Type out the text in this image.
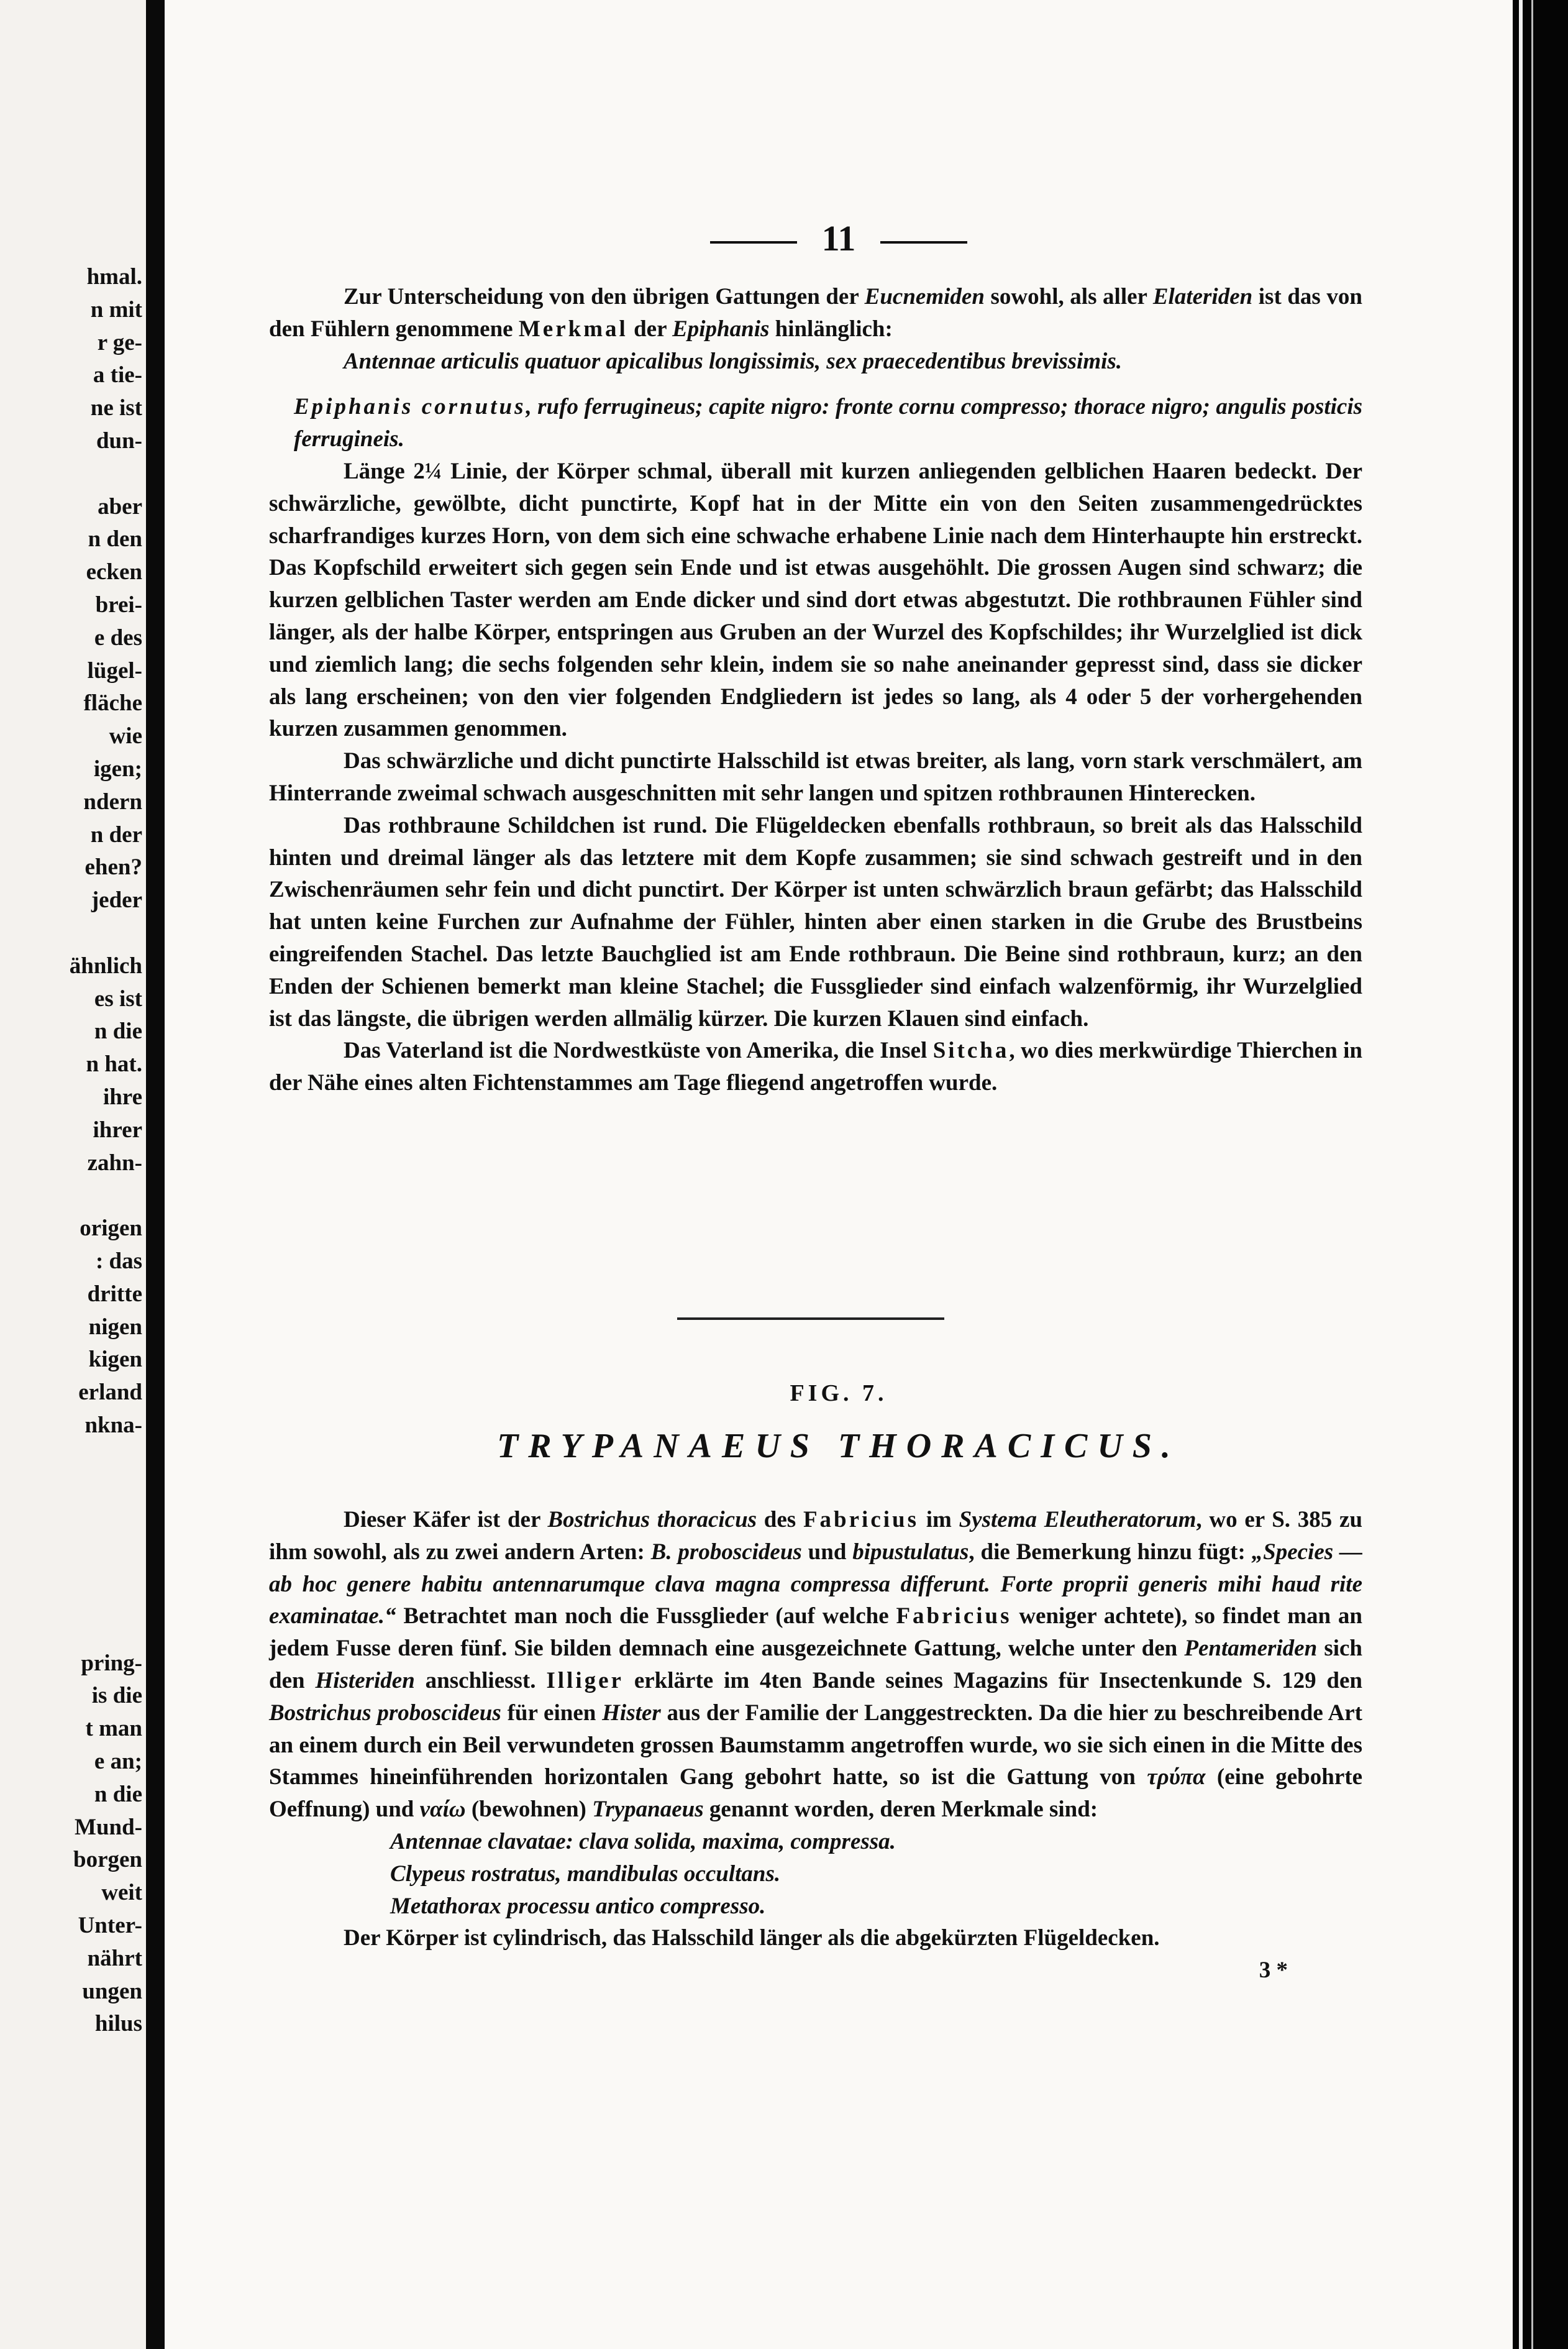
hmal.
n mit
r ge-
a tie-
ne ist
dun-

aber
n den
ecken
brei-
e des
lügel-
fläche
wie
igen;
ndern
n der
ehen?
jeder

ähnlich
es ist
n die
n hat.
ihre
ihrer
zahn-

origen
: das
dritte
nigen
kigen
erland
nkna-
pring-
is die
t man
e an;
n die
Mund-
borgen
weit
Unter-
nährt
ungen
hilus
11

Zur Unterscheidung von den übrigen Gattungen der Eucnemiden sowohl, als aller Elateriden ist das von den Fühlern genommene Merkmal der Epiphanis hinlänglich:

Antennae articulis quatuor apicalibus longissimis, sex praecedentibus brevissimis.

Epiphanis cornutus, rufo ferrugineus; capite nigro: fronte cornu compresso; thorace nigro; angulis posticis ferrugineis.

Länge 2¼ Linie, der Körper schmal, überall mit kurzen anliegenden gelblichen Haaren bedeckt. Der schwärzliche, gewölbte, dicht punctirte, Kopf hat in der Mitte ein von den Seiten zusammengedrücktes scharfrandiges kurzes Horn, von dem sich eine schwache erhabene Linie nach dem Hinterhaupte hin erstreckt. Das Kopfschild erweitert sich gegen sein Ende und ist etwas ausgehöhlt. Die grossen Augen sind schwarz; die kurzen gelblichen Taster werden am Ende dicker und sind dort etwas abgestutzt. Die rothbraunen Fühler sind länger, als der halbe Körper, entspringen aus Gruben an der Wurzel des Kopfschildes; ihr Wurzelglied ist dick und ziemlich lang; die sechs folgenden sehr klein, indem sie so nahe aneinander gepresst sind, dass sie dicker als lang erscheinen; von den vier folgenden Endgliedern ist jedes so lang, als 4 oder 5 der vorhergehenden kurzen zusammen genommen.

Das schwärzliche und dicht punctirte Halsschild ist etwas breiter, als lang, vorn stark verschmälert, am Hinterrande zweimal schwach ausgeschnitten mit sehr langen und spitzen rothbraunen Hinterecken.

Das rothbraune Schildchen ist rund. Die Flügeldecken ebenfalls rothbraun, so breit als das Halsschild hinten und dreimal länger als das letztere mit dem Kopfe zusammen; sie sind schwach gestreift und in den Zwischenräumen sehr fein und dicht punctirt. Der Körper ist unten schwärzlich braun gefärbt; das Halsschild hat unten keine Furchen zur Aufnahme der Fühler, hinten aber einen starken in die Grube des Brustbeins eingreifenden Stachel. Das letzte Bauchglied ist am Ende rothbraun. Die Beine sind rothbraun, kurz; an den Enden der Schienen bemerkt man kleine Stachel; die Fussglieder sind einfach walzenförmig, ihr Wurzelglied ist das längste, die übrigen werden allmälig kürzer. Die kurzen Klauen sind einfach.

Das Vaterland ist die Nordwestküste von Amerika, die Insel Sitcha, wo dies merkwürdige Thierchen in der Nähe eines alten Fichtenstammes am Tage fliegend angetroffen wurde.

FIG. 7.
TRYPANAEUS THORACICUS.

Dieser Käfer ist der Bostrichus thoracicus des Fabricius im Systema Eleutheratorum, wo er S. 385 zu ihm sowohl, als zu zwei andern Arten: B. proboscideus und bipustulatus, die Bemerkung hinzu fügt: „Species — ab hoc genere habitu antennarumque clava magna compressa differunt. Forte proprii generis mihi haud rite examinatae.“ Betrachtet man noch die Fussglieder (auf welche Fabricius weniger achtete), so findet man an jedem Fusse deren fünf. Sie bilden demnach eine ausgezeichnete Gattung, welche unter den Pentameriden sich den Histeriden anschliesst. Illiger erklärte im 4ten Bande seines Magazins für Insectenkunde S. 129 den Bostrichus proboscideus für einen Hister aus der Familie der Langgestreckten. Da die hier zu beschreibende Art an einem durch ein Beil verwundeten grossen Baumstamm angetroffen wurde, wo sie sich einen in die Mitte des Stammes hineinführenden horizontalen Gang gebohrt hatte, so ist die Gattung von τρύπα (eine gebohrte Oeffnung) und ναίω (bewohnen) Trypanaeus genannt worden, deren Merkmale sind:

Antennae clavatae: clava solida, maxima, compressa.

Clypeus rostratus, mandibulas occultans.

Metathorax processu antico compresso.

Der Körper ist cylindrisch, das Halsschild länger als die abgekürzten Flügeldecken.

3 *
